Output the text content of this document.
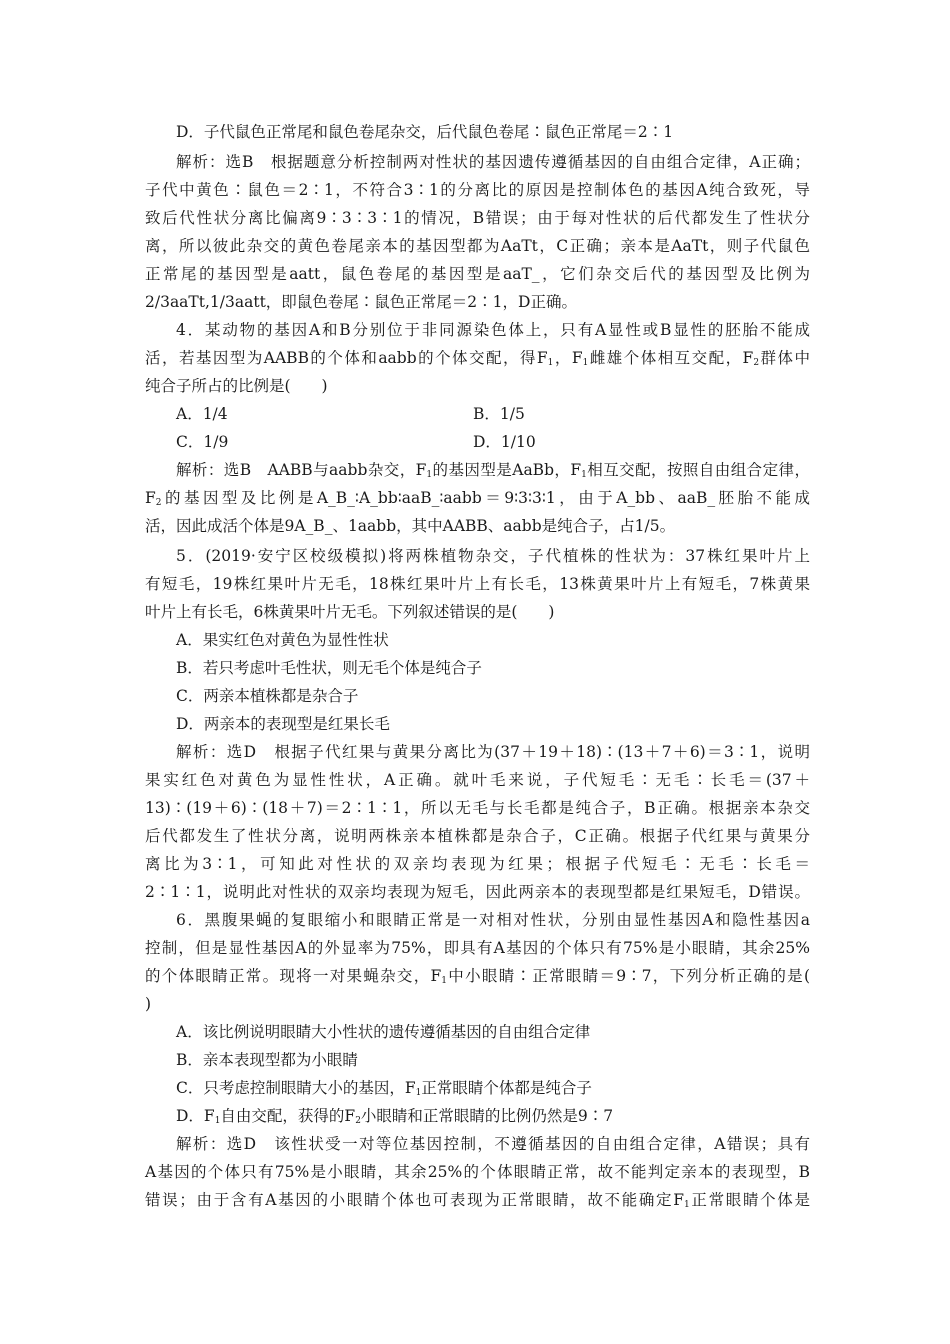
D．子代鼠色正常尾和鼠色卷尾杂交，后代鼠色卷尾∶鼠色正常尾＝2∶1
解析：选B　根据题意分析控制两对性状的基因遗传遵循基因的自由组合定律，A正确；
子代中黄色∶鼠色＝2∶1，不符合3∶1的分离比的原因是控制体色的基因A纯合致死，导
致后代性状分离比偏离9∶3∶3∶1的情况，B错误；由于每对性状的后代都发生了性状分
离，所以彼此杂交的黄色卷尾亲本的基因型都为AaTt，C正确；亲本是AaTt，则子代鼠色
正常尾的基因型是aatt，鼠色卷尾的基因型是aaT_，它们杂交后代的基因型及比例为
2/3aaTt,1/3aatt，即鼠色卷尾∶鼠色正常尾＝2∶1，D正确。
4．某动物的基因A和B分别位于非同源染色体上，只有A显性或B显性的胚胎不能成
活，若基因型为AABB的个体和aabb的个体交配，得$F_1$，$F_1$雌雄个体相互交配，$F_2$群体中
纯合子所占的比例是(　　)
A．1/4	B．1/5
C．1/9	D．1/10
解析：选B　AABB与aabb杂交，$F_1$的基因型是AaBb，$F_1$相互交配，按照自由组合定律，
$F_2$的基因型及比例是A_B_∶A_bb∶aaB_∶aabb＝9∶3∶3∶1，由于A_bb、aaB_胚胎不能成
活，因此成活个体是9A_B_、1aabb，其中AABB、aabb是纯合子，占1/5。
5．(2019·安宁区校级模拟)将两株植物杂交，子代植株的性状为：37株红果叶片上
有短毛，19株红果叶片无毛，18株红果叶片上有长毛，13株黄果叶片上有短毛，7株黄果
叶片上有长毛，6株黄果叶片无毛。下列叙述错误的是(　　)
A．果实红色对黄色为显性性状
B．若只考虑叶毛性状，则无毛个体是纯合子
C．两亲本植株都是杂合子
D．两亲本的表现型是红果长毛
解析：选D　根据子代红果与黄果分离比为(37＋19＋18)∶(13＋7＋6)＝3∶1，说明
果实红色对黄色为显性性状，A正确。就叶毛来说，子代短毛∶无毛∶长毛＝(37＋
13)∶(19＋6)∶(18＋7)＝2∶1∶1，所以无毛与长毛都是纯合子，B正确。根据亲本杂交
后代都发生了性状分离，说明两株亲本植株都是杂合子，C正确。根据子代红果与黄果分
离比为3∶1，可知此对性状的双亲均表现为红果；根据子代短毛∶无毛∶长毛＝
2∶1∶1，说明此对性状的双亲均表现为短毛，因此两亲本的表现型都是红果短毛，D错误。
6．黑腹果蝇的复眼缩小和眼睛正常是一对相对性状，分别由显性基因A和隐性基因a
控制，但是显性基因A的外显率为75%，即具有A基因的个体只有75%是小眼睛，其余25%
的个体眼睛正常。现将一对果蝇杂交，$F_1$中小眼睛∶正常眼睛＝9∶7，下列分析正确的是(
)
A．该比例说明眼睛大小性状的遗传遵循基因的自由组合定律
B．亲本表现型都为小眼睛
C．只考虑控制眼睛大小的基因，$F_1$正常眼睛个体都是纯合子
D．$F_1$自由交配，获得的$F_2$小眼睛和正常眼睛的比例仍然是9∶7
解析：选D　该性状受一对等位基因控制，不遵循基因的自由组合定律，A错误；具有
A基因的个体只有75%是小眼睛，其余25%的个体眼睛正常，故不能判定亲本的表现型，B
错误；由于含有A基因的小眼睛个体也可表现为正常眼睛，故不能确定$F_1$正常眼睛个体是
